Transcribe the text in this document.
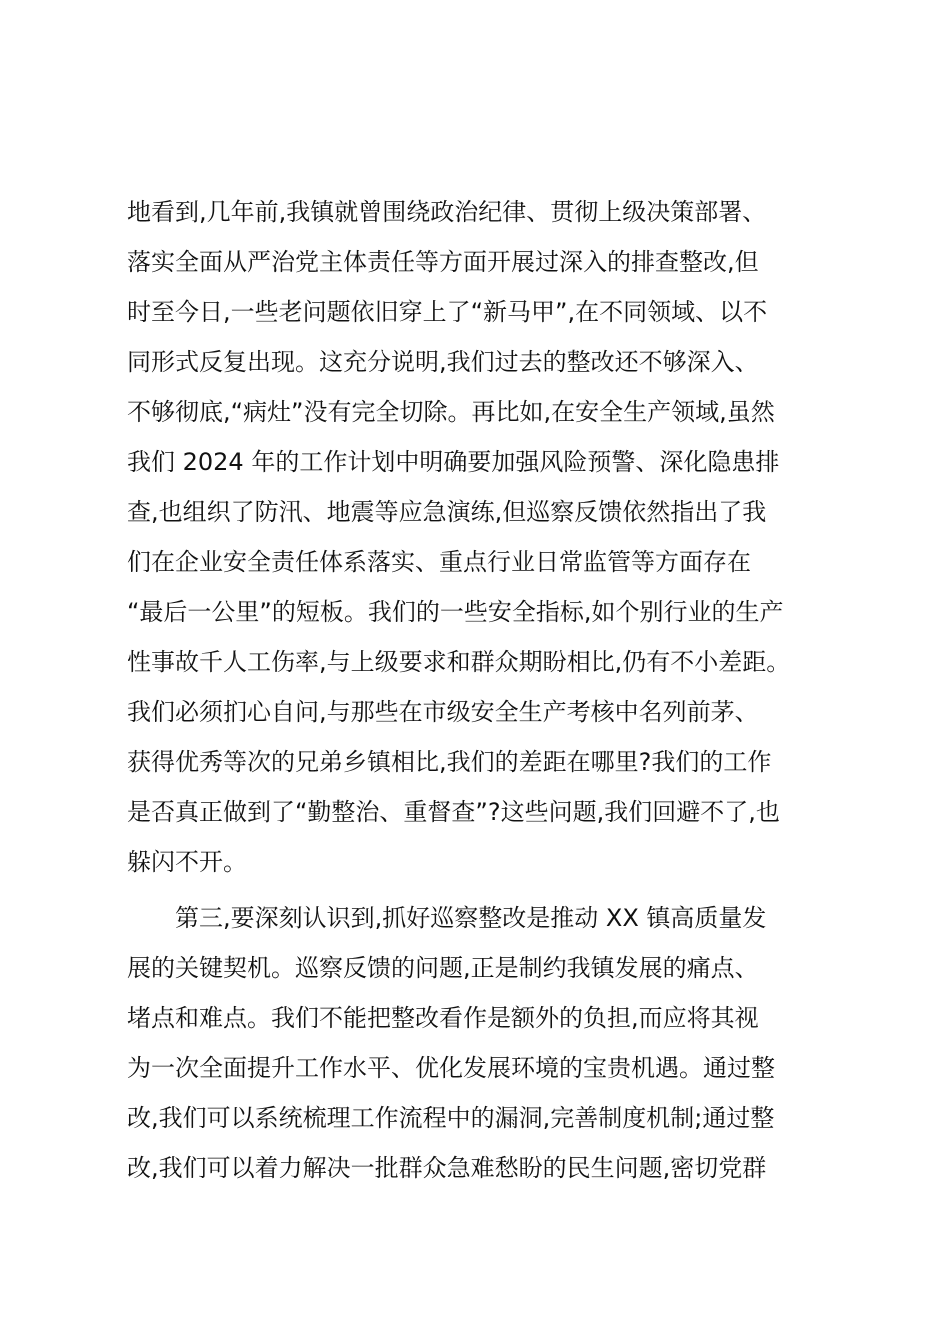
地看到,几年前,我镇就曾围绕政治纪律、贯彻上级决策部署、
落实全面从严治党主体责任等方面开展过深入的排查整改,但
时至今日,一些老问题依旧穿上了“新马甲”,在不同领域、以不
同形式反复出现。这充分说明,我们过去的整改还不够深入、
不够彻底,“病灶”没有完全切除。再比如,在安全生产领域,虽然
我们 2024 年的工作计划中明确要加强风险预警、深化隐患排
查,也组织了防汛、地震等应急演练,但巡察反馈依然指出了我
们在企业安全责任体系落实、重点行业日常监管等方面存在
“最后一公里”的短板。我们的一些安全指标,如个别行业的生产
性事故千人工伤率,与上级要求和群众期盼相比,仍有不小差距。
我们必须扪心自问,与那些在市级安全生产考核中名列前茅、
获得优秀等次的兄弟乡镇相比,我们的差距在哪里?我们的工作
是否真正做到了“勤整治、重督查”?这些问题,我们回避不了,也
躲闪不开。
第三,要深刻认识到,抓好巡察整改是推动 XX 镇高质量发
展的关键契机。巡察反馈的问题,正是制约我镇发展的痛点、
堵点和难点。我们不能把整改看作是额外的负担,而应将其视
为一次全面提升工作水平、优化发展环境的宝贵机遇。通过整
改,我们可以系统梳理工作流程中的漏洞,完善制度机制;通过整
改,我们可以着力解决一批群众急难愁盼的民生问题,密切党群
